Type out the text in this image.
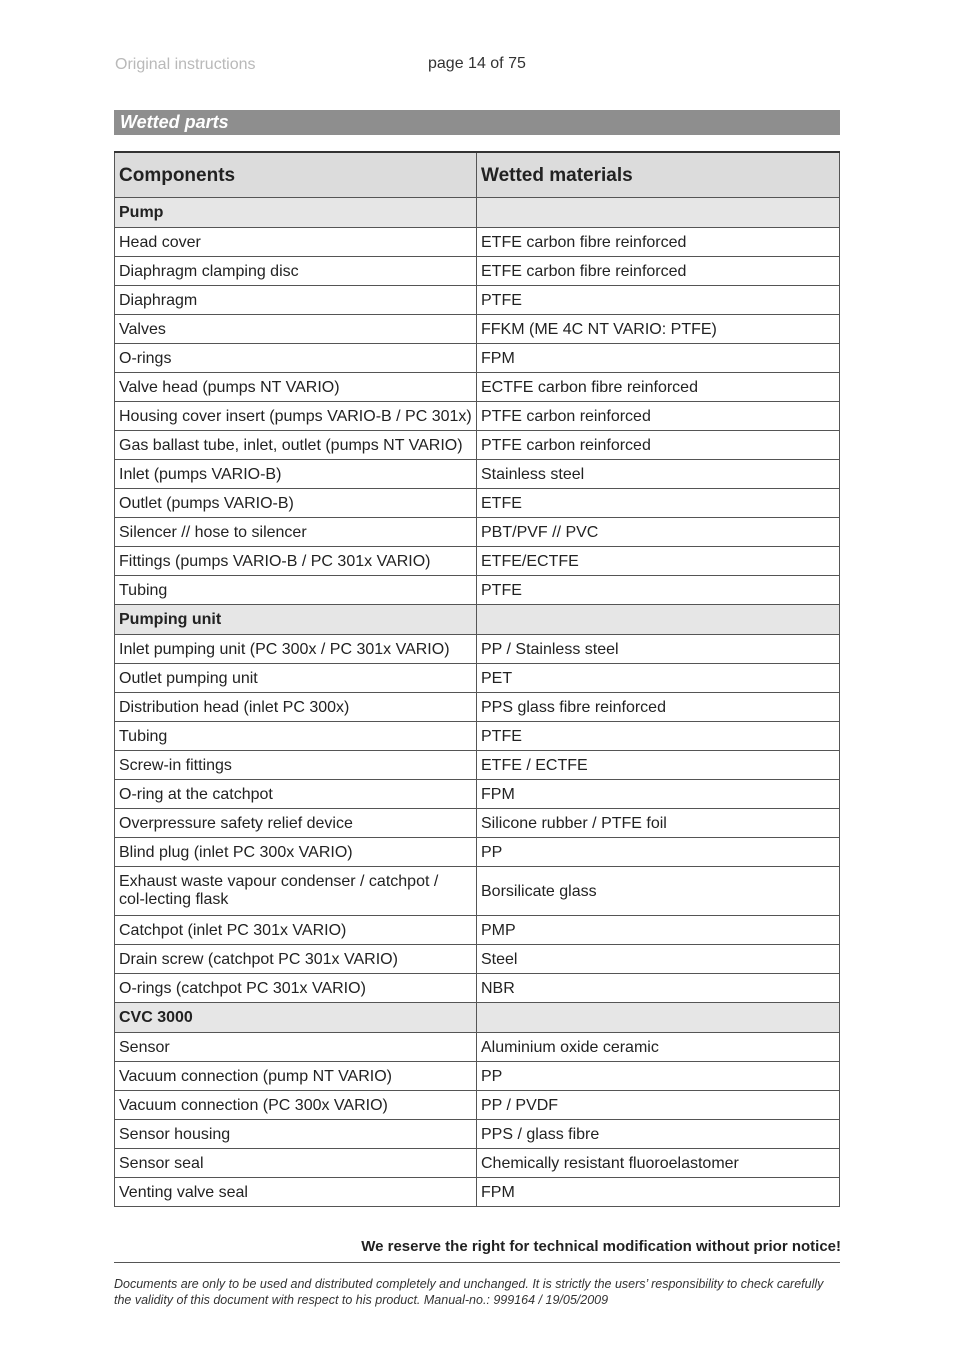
Original instructions	page 14 of 75
Wetted parts
Components	Wetted materials
Pump	
Head cover	ETFE carbon fibre reinforced
Diaphragm clamping disc	ETFE carbon fibre reinforced
Diaphragm	PTFE
Valves	FFKM (ME 4C NT VARIO: PTFE)
O-rings	FPM
Valve head (pumps NT VARIO)	ECTFE carbon fibre reinforced
Housing cover insert (pumps VARIO-B / PC 301x)	PTFE carbon reinforced
Gas ballast tube, inlet, outlet (pumps NT VARIO)	PTFE carbon reinforced
Inlet (pumps VARIO-B)	Stainless steel
Outlet (pumps VARIO-B)	ETFE
Silencer // hose to silencer	PBT/PVF // PVC
Fittings (pumps VARIO-B / PC 301x VARIO)	ETFE/ECTFE
Tubing	PTFE
Pumping unit	
Inlet pumping unit (PC 300x / PC 301x VARIO)	PP / Stainless steel
Outlet pumping unit	PET
Distribution head (inlet PC 300x)	PPS glass fibre reinforced
Tubing	PTFE
Screw-in fittings	ETFE / ECTFE
O-ring at the catchpot	FPM
Overpressure safety relief device	Silicone rubber / PTFE foil
Blind plug (inlet PC 300x VARIO)	PP
Exhaust waste vapour condenser / catchpot / col-lecting flask	Borsilicate glass
Catchpot (inlet PC 301x VARIO)	PMP
Drain screw (catchpot PC 301x VARIO)	Steel
O-rings (catchpot PC 301x VARIO)	NBR
CVC 3000	
Sensor	Aluminium oxide ceramic
Vacuum connection (pump NT VARIO)	PP
Vacuum connection (PC 300x VARIO)	PP / PVDF
Sensor housing	PPS / glass fibre
Sensor seal	Chemically resistant fluoroelastomer
Venting valve seal	FPM
We reserve the right for technical modification without prior notice!
Documents are only to be used and distributed completely and unchanged. It is strictly the users’ responsibility to check carefully the validity of this document with respect to his product. Manual-no.: 999164 / 19/05/2009
